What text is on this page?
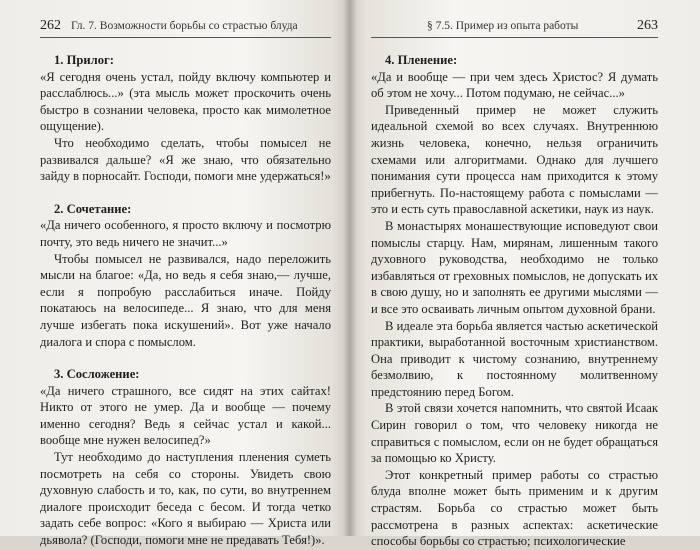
262 Гл. 7. Возможности борьбы со страстью блуда
1. Прилог:

«Я сегодня очень устал, пойду включу компьютер и расслаблюсь...» (эта мысль может проскочить очень быстро в сознании человека, просто как мимолетное ощущение).

Что необходимо сделать, чтобы помысел не развивался дальше? «Я же знаю, что обязательно зайду в порносайт. Господи, помоги мне удержаться!»

2. Сочетание:

«Да ничего особенного, я просто включу и посмотрю почту, это ведь ничего не значит...»

Чтобы помысел не развивался, надо переложить мысли на благое: «Да, но ведь я себя знаю,— лучше, если я попробую расслабиться иначе. Пойду покатаюсь на велосипеде... Я знаю, что для меня лучше избегать пока искушений». Вот уже начало диалога и спора с помыслом.

3. Сосложение:

«Да ничего страшного, все сидят на этих сайтах! Никто от этого не умер. Да и вообще — почему именно сегодня? Ведь я сейчас устал и какой... вообще мне нужен велосипед?»

Тут необходимо до наступления пленения суметь посмотреть на себя со стороны. Увидеть свою духовную слабость и то, как, по сути, во внутреннем диалоге происходит беседа с бесом. И тогда четко задать себе вопрос: «Кого я выбираю — Христа или дьявола? (Господи, помоги мне не предавать Тебя!)».

§ 7.5. Пример из опыта работы	263
4. Пленение:

«Да и вообще — при чем здесь Христос? Я думать об этом не хочу... Потом подумаю, не сейчас...»

Приведенный пример не может служить идеальной схемой во всех случаях. Внутреннюю жизнь человека, конечно, нельзя ограничить схемами или алгоритмами. Однако для лучшего понимания сути процесса нам приходится к этому прибегнуть. По-настоящему работа с помыслами — это и есть суть православной аскетики, наук из наук.

В монастырях монашествующие исповедуют свои помыслы старцу. Нам, мирянам, лишенным такого духовного руководства, необходимо не только избавляться от греховных помыслов, не допускать их в свою душу, но и заполнять ее другими мыслями — и все это осваивать личным опытом духовной брани.

В идеале эта борьба является частью аскетической практики, выработанной восточным христианством. Она приводит к чистому сознанию, внутреннему безмолвию, к постоянному молитвенному предстоянию перед Богом.

В этой связи хочется напомнить, что святой Исаак Сирин говорил о том, что человеку никогда не справиться с помыслом, если он не будет обращаться за помощью ко Христу.

Этот конкретный пример работы со страстью блуда вполне может быть применим и к другим страстям. Борьба со страстью может быть рассмотрена в разных аспектах: аскетические способы борьбы со страстью; психологические
